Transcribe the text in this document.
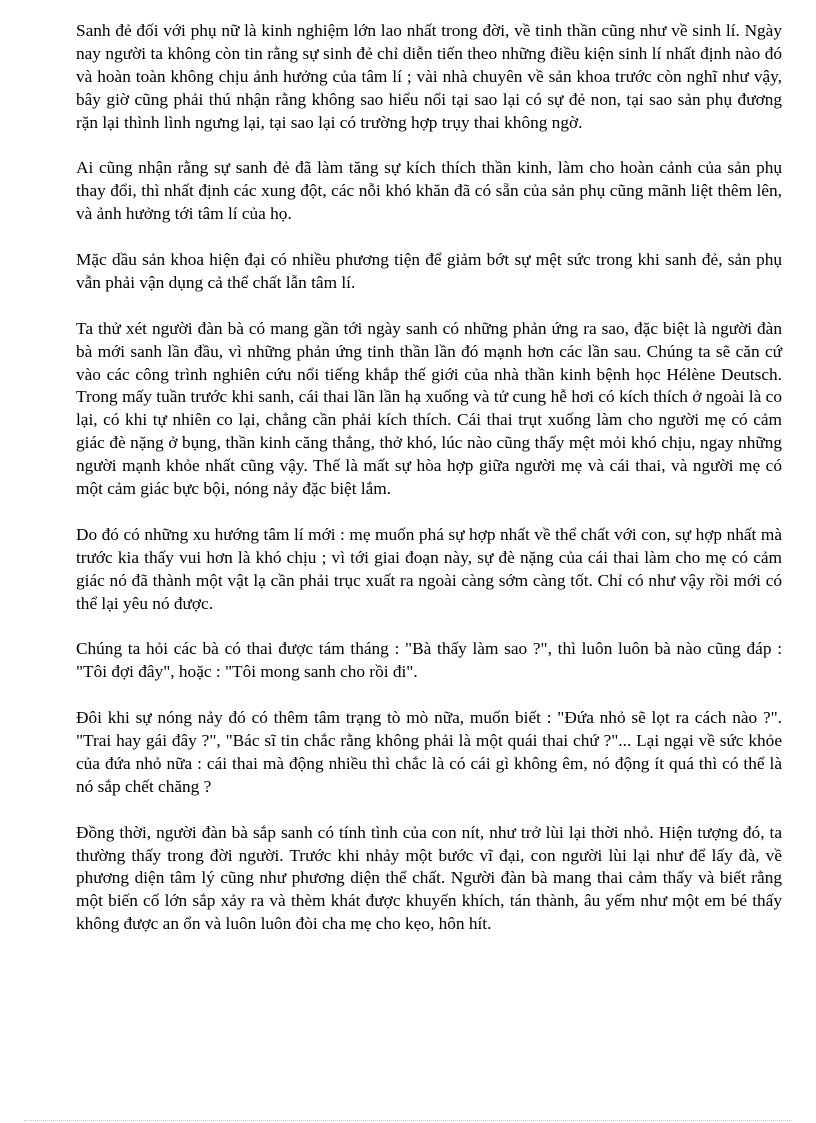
Sanh đẻ đối với phụ nữ là kinh nghiệm lớn lao nhất trong đời, về tinh thần cũng như về sinh lí. Ngày nay người ta không còn tin rằng sự sinh đẻ chỉ diễn tiến theo những điều kiện sinh lí nhất định nào đó và hoàn toàn không chịu ảnh hưởng của tâm lí ; vài nhà chuyên về sản khoa trước còn nghĩ như vậy, bây giờ cũng phải thú nhận rằng không sao hiểu nổi tại sao lại có sự đẻ non, tại sao sản phụ đương rặn lại thình lình ngưng lại, tại sao lại có trường hợp trụy thai không ngờ.

Ai cũng nhận rằng sự sanh đẻ đã làm tăng sự kích thích thần kinh, làm cho hoàn cảnh của sản phụ thay đổi, thì nhất định các xung đột, các nỗi khó khăn đã có sẵn của sản phụ cũng mãnh liệt thêm lên, và ảnh hưởng tới tâm lí của họ.

Mặc dầu sản khoa hiện đại có nhiều phương tiện để giảm bớt sự mệt sức trong khi sanh đẻ, sản phụ vẫn phải vận dụng cả thể chất lẫn tâm lí.

Ta thử xét người đàn bà có mang gần tới ngày sanh có những phản ứng ra sao, đặc biệt là người đàn bà mới sanh lần đầu, vì những phản ứng tinh thần lần đó mạnh hơn các lần sau. Chúng ta sẽ căn cứ vào các công trình nghiên cứu nổi tiếng khắp thế giới của nhà thần kinh bệnh học Hélène Deutsch. Trong mấy tuần trước khi sanh, cái thai lần lần hạ xuống và tử cung hễ hơi có kích thích ở ngoài là co lại, có khi tự nhiên co lại, chẳng cần phải kích thích. Cái thai trụt xuống làm cho người mẹ có cảm giác đè nặng ở bụng, thần kinh căng thẳng, thở khó, lúc nào cũng thấy mệt mỏi khó chịu, ngay những người mạnh khỏe nhất cũng vậy. Thế là mất sự hòa hợp giữa người mẹ và cái thai, và người mẹ có một cảm giác bực bội, nóng nảy đặc biệt lắm.

Do đó có những xu hướng tâm lí mới : mẹ muốn phá sự hợp nhất về thể chất với con, sự hợp nhất mà trước kia thấy vui hơn là khó chịu ; vì tới giai đoạn này, sự đè nặng của cái thai làm cho mẹ có cảm giác nó đã thành một vật lạ cần phải trục xuất ra ngoài càng sớm càng tốt. Chỉ có như vậy rồi mới có thể lại yêu nó được.

Chúng ta hỏi các bà có thai được tám tháng : "Bà thấy làm sao ?", thì luôn luôn bà nào cũng đáp : "Tôi đợi đây", hoặc : "Tôi mong sanh cho rồi đi".

Đôi khi sự nóng nảy đó có thêm tâm trạng tò mò nữa, muốn biết : "Đứa nhỏ sẽ lọt ra cách nào ?". "Trai hay gái đây ?", "Bác sĩ tin chắc rằng không phải là một quái thai chứ ?"... Lại ngại về sức khỏe của đứa nhỏ nữa : cái thai mà động nhiều thì chắc là có cái gì không êm, nó động ít quá thì có thể là nó sắp chết chăng ?

Đồng thời, người đàn bà sắp sanh có tính tình của con nít, như trở lùi lại thời nhỏ. Hiện tượng đó, ta thường thấy trong đời người. Trước khi nhảy một bước vĩ đại, con người lùi lại như để lấy đà, về phương diện tâm lý cũng như phương diện thể chất. Người đàn bà mang thai cảm thấy và biết rằng một biến cố lớn sắp xảy ra và thèm khát được khuyến khích, tán thành, âu yếm như một em bé thấy không được an ổn và luôn luôn đòi cha mẹ cho kẹo, hôn hít.
